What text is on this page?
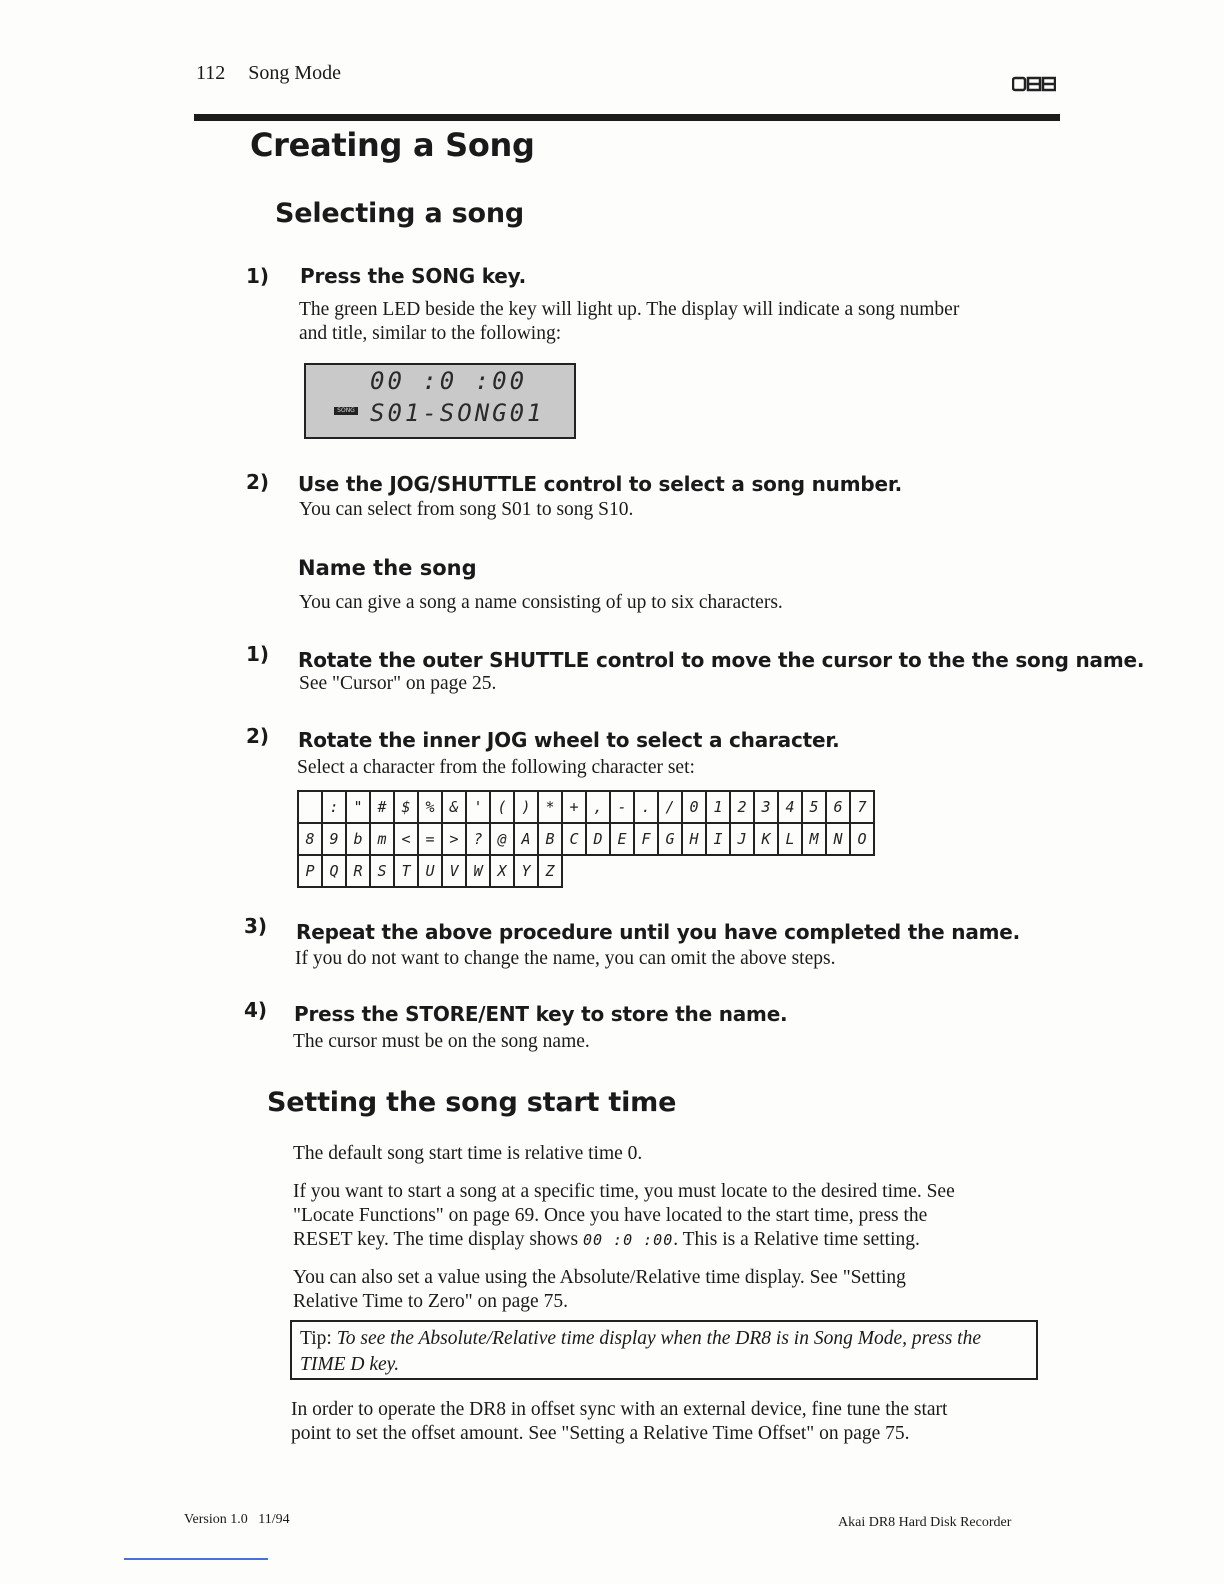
112 Song Mode
Creating a Song
Selecting a song
1) Press the SONG key.
The green LED beside the key will light up. The display will indicate a song number
and title, similar to the following:
00 :0 :00
SONG S01-SONG01
2) Use the JOG/SHUTTLE control to select a song number.
You can select from song S01 to song S10.
Name the song
You can give a song a name consisting of up to six characters.
1) Rotate the outer SHUTTLE control to move the cursor to the the song name.
See "Cursor" on page 25.
2) Rotate the inner JOG wheel to select a character.
Select a character from the following character set:
	:	"	#	$	%	&	'	(	)	*	+	,	-	.	/	0	1	2	3	4	5	6	7
8	9	b	m	<	=	>	?	@	A	B	C	D	E	F	G	H	I	J	K	L	M	N	O
P	Q	R	S	T	U	V	W	X	Y	Z													
3) Repeat the above procedure until you have completed the name.
If you do not want to change the name, you can omit the above steps.
4) Press the STORE/ENT key to store the name.
The cursor must be on the song name.
Setting the song start time
The default song start time is relative time 0.
If you want to start a song at a specific time, you must locate to the desired time. See
"Locate Functions" on page 69. Once you have located to the start time, press the
RESET key. The time display shows 00 :0 :00. This is a Relative time setting.
You can also set a value using the Absolute/Relative time display. See "Setting
Relative Time to Zero" on page 75.
Tip: To see the Absolute/Relative time display when the DR8 is in Song Mode, press the
TIME D key.
In order to operate the DR8 in offset sync with an external device, fine tune the start
point to set the offset amount. See "Setting a Relative Time Offset" on page 75.
Version 1.0   11/94	Akai DR8 Hard Disk Recorder
